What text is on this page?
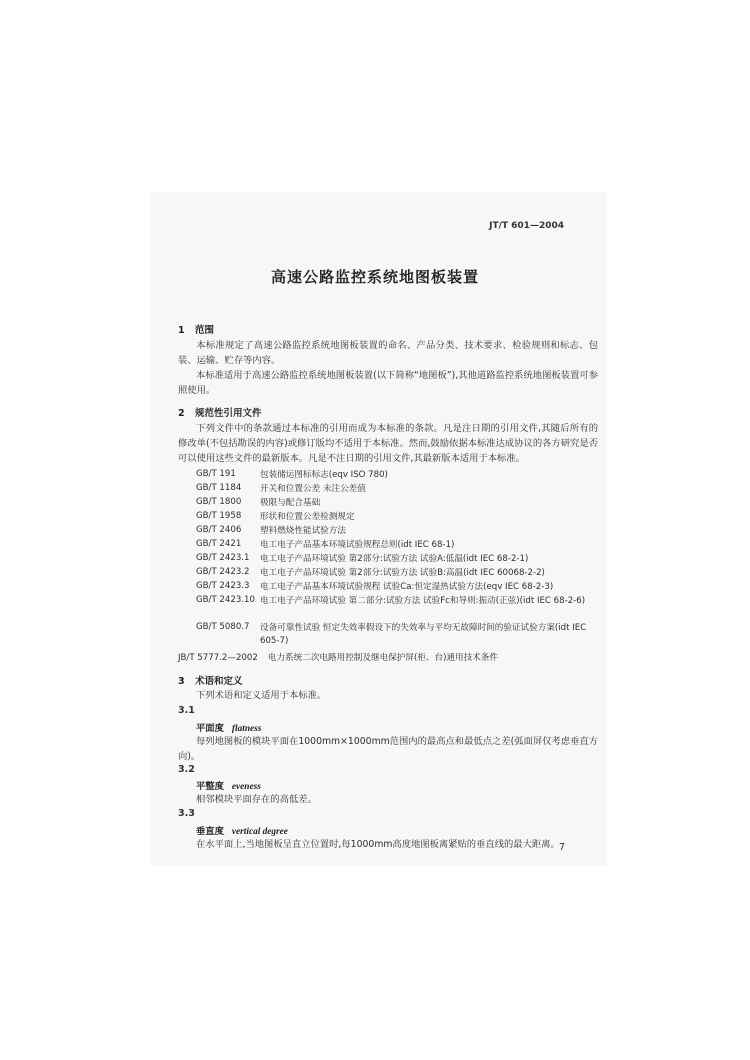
JT/T 601—2004
高速公路监控系统地图板装置
1 范围
本标准规定了高速公路监控系统地图板装置的命名、产品分类、技术要求、检验规则和标志、包装、运输、贮存等内容。
本标准适用于高速公路监控系统地图板装置(以下简称“地图板”),其他道路监控系统地图板装置可参照使用。
2 规范性引用文件
下列文件中的条款通过本标准的引用而成为本标准的条款。凡是注日期的引用文件,其随后所有的修改单(不包括勘误的内容)或修订版均不适用于本标准。然而,鼓励依据本标准达成协议的各方研究是否可以使用这些文件的最新版本。凡是不注日期的引用文件,其最新版本适用于本标准。
GB/T 191	包装储运图标标志(eqv ISO 780)
GB/T 1184	开关和位置公差 未注公差值
GB/T 1800	极限与配合基础
GB/T 1958	形状和位置公差检测规定
GB/T 2406	塑料燃烧性能试验方法
GB/T 2421	电工电子产品基本环境试验规程总则(idt IEC 68-1)
GB/T 2423.1	电工电子产品环境试验 第2部分:试验方法 试验A:低温(idt IEC 68-2-1)
GB/T 2423.2	电工电子产品环境试验 第2部分:试验方法 试验B:高温(idt IEC 60068-2-2)
GB/T 2423.3	电工电子产品基本环境试验规程 试验Ca:恒定湿热试验方法(eqv IEC 68-2-3)
GB/T 2423.10 电工电子产品环境试验 第二部分:试验方法 试验Fc和导则:振动(正弦)(idt IEC 68-2-6)
GB/T 5080.7	设备可靠性试验 恒定失效率假设下的失效率与平均无故障时间的验证试验方案(idt IEC 605-7)
JB/T 5777.2—2002 电力系统二次电路用控制及继电保护屏(柜、台)通用技术条件
3 术语和定义
下列术语和定义适用于本标准。
3.1
平面度 flatness
每列地图板的模块平面在1000mm×1000mm范围内的最高点和最低点之差(弧面屏仅考虑垂直方向)。
3.2
平整度 eveness
相邻模块平面存在的高低差。
3.3
垂直度 vertical degree
在水平面上,当地图板呈直立位置时,每1000mm高度地图板离紧贴的垂直线的最大距离。 7
